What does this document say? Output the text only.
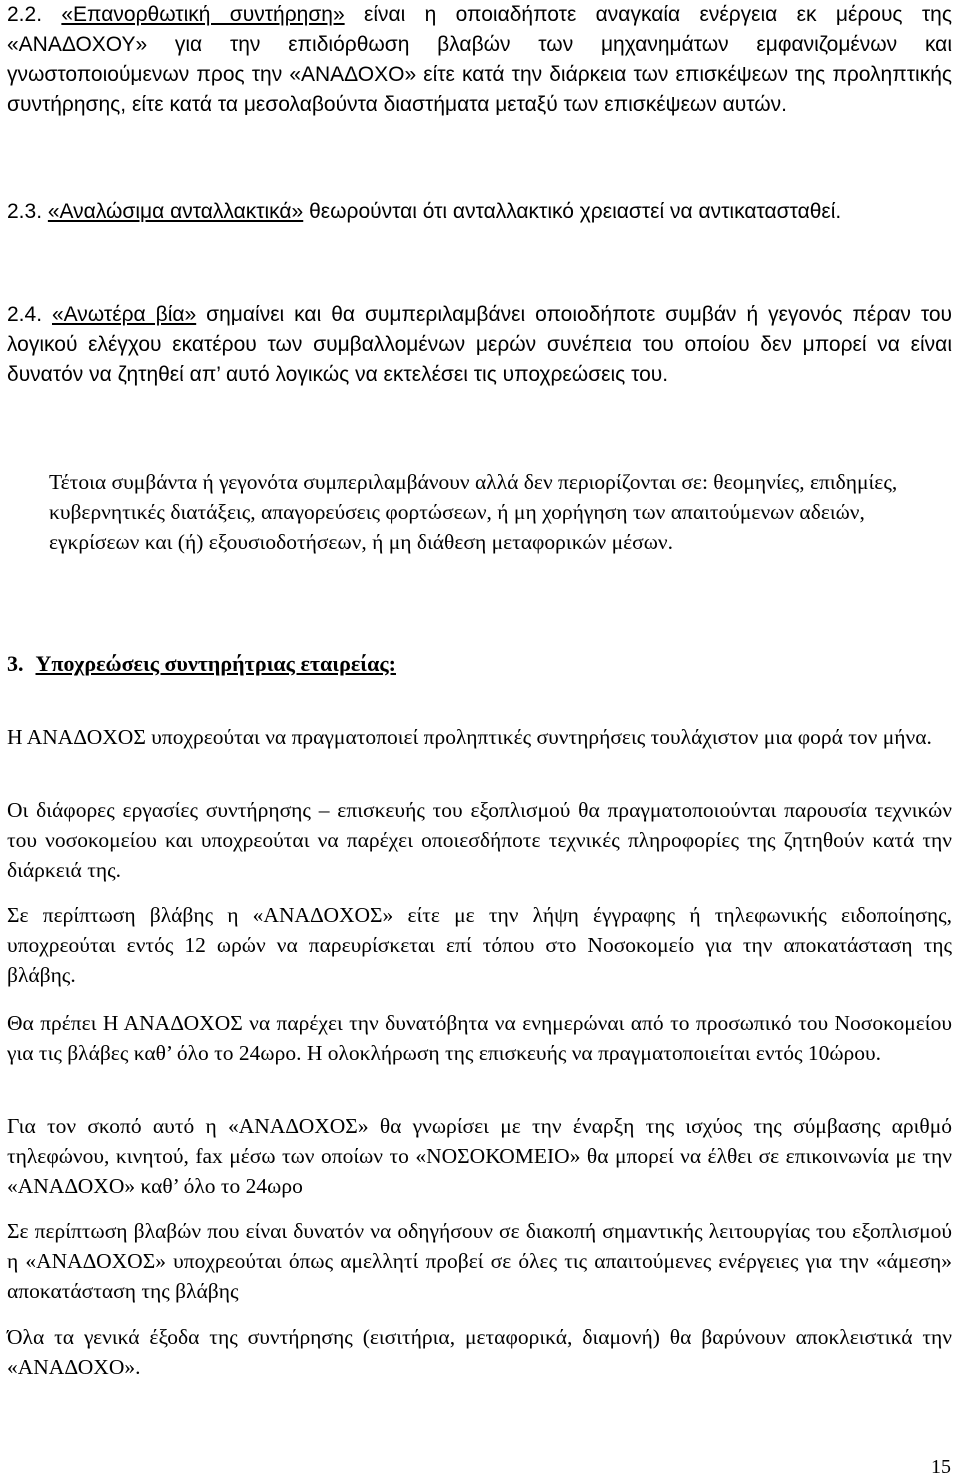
2.2. «Επανορθωτική συντήρηση» είναι η οποιαδήποτε αναγκαία ενέργεια εκ μέρους της «ΑΝΑΔΟΧΟΥ» για την επιδιόρθωση βλαβών των μηχανημάτων εμφανιζομένων και γνωστοποιούμενων προς την «ΑΝΑΔΟΧΟ» είτε κατά την διάρκεια των επισκέψεων της προληπτικής συντήρησης, είτε κατά τα μεσολαβούντα διαστήματα μεταξύ των επισκέψεων αυτών.

2.3. «Αναλώσιμα ανταλλακτικά» θεωρούνται ότι ανταλλακτικό χρειαστεί να αντικατασταθεί.

2.4. «Ανωτέρα βία» σημαίνει και θα συμπεριλαμβάνει οποιοδήποτε συμβάν ή γεγονός πέραν του λογικού ελέγχου εκατέρου των συμβαλλομένων μερών συνέπεια του οποίου δεν μπορεί να είναι δυνατόν να ζητηθεί απ’ αυτό λογικώς να εκτελέσει τις υποχρεώσεις του.

Τέτοια συμβάντα ή γεγονότα συμπεριλαμβάνουν αλλά δεν περιορίζονται σε: θεομηνίες, επιδημίες, κυβερνητικές διατάξεις, απαγορεύσεις φορτώσεων, ή μη χορήγηση των απαιτούμενων αδειών, εγκρίσεων και (ή) εξουσιοδοτήσεων, ή μη διάθεση μεταφορικών μέσων.

3. Υποχρεώσεις συντηρήτριας εταιρείας:

Η ΑΝΑΔΟΧΟΣ υποχρεούται να πραγματοποιεί προληπτικές συντηρήσεις τουλάχιστον μια φορά τον μήνα.

Οι διάφορες εργασίες συντήρησης – επισκευής του εξοπλισμού θα πραγματοποιούνται παρουσία τεχνικών του νοσοκομείου και υποχρεούται να παρέχει οποιεσδήποτε τεχνικές πληροφορίες της ζητηθούν κατά την διάρκειά της.

Σε περίπτωση βλάβης η «ΑΝΑΔΟΧΟΣ» είτε με την λήψη έγγραφης ή τηλεφωνικής ειδοποίησης, υποχρεούται εντός 12 ωρών να παρευρίσκεται επί τόπου στο Νοσοκομείο για την αποκατάσταση της βλάβης.

Θα πρέπει Η ΑΝΑΔΟΧΟΣ να παρέχει την δυνατόβητα να ενημερώναι από το προσωπικό του Νοσοκομείου για τις βλάβες καθ’ όλο το 24ωρο. Η ολοκλήρωση της επισκευής να πραγματοποιείται εντός 10ώρου.

Για τον σκοπό αυτό η «ΑΝΑΔΟΧΟΣ» θα γνωρίσει με την έναρξη της ισχύος της σύμβασης αριθμό τηλεφώνου, κινητού, fax μέσω των οποίων το «ΝΟΣΟΚΟΜΕΙΟ» θα μπορεί να έλθει σε επικοινωνία με την «ΑΝΑΔΟΧΟ» καθ’ όλο το 24ωρο

Σε περίπτωση βλαβών που είναι δυνατόν να οδηγήσουν σε διακοπή σημαντικής λειτουργίας του εξοπλισμού η «ΑΝΑΔΟΧΟΣ» υποχρεούται όπως αμελλητί προβεί σε όλες τις απαιτούμενες ενέργειες για την «άμεση» αποκατάσταση της βλάβης

Όλα τα γενικά έξοδα της συντήρησης (εισιτήρια, μεταφορικά, διαμονή) θα βαρύνουν αποκλειστικά την «ΑΝΑΔΟΧΟ».

15
